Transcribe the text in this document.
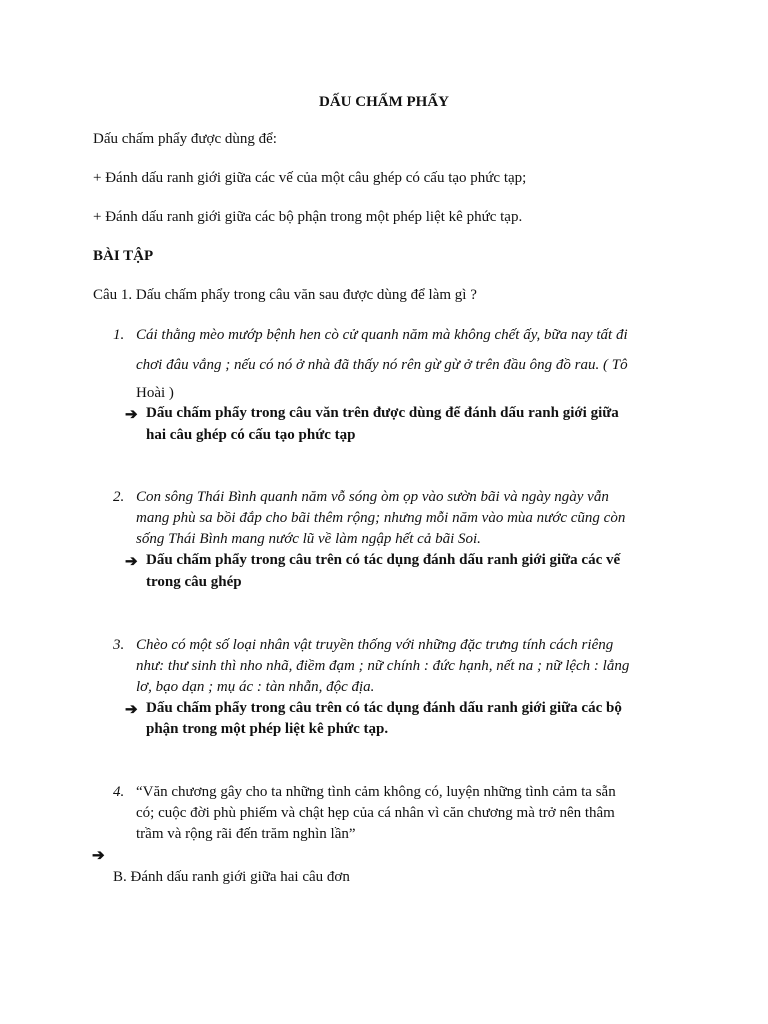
DẤU CHẤM PHẨY
Dấu chấm phẩy được dùng để:
+ Đánh dấu ranh giới giữa các vế của một câu ghép có cấu tạo phức tạp;
+ Đánh dấu ranh giới giữa các bộ phận trong một phép liệt kê phức tạp.
BÀI TẬP
Câu 1. Dấu chấm phẩy trong câu văn sau được dùng để làm gì ?
1. Cái thằng mèo mướp bệnh hen cò cử quanh năm mà không chết ấy, bữa nay tất đi
chơi đâu vắng ; nếu có nó ở nhà đã thấy nó rên gừ gừ ở trên đầu ông đồ rau. ( Tô
Hoài )
➔ Dấu chấm phẩy trong câu văn trên được dùng để đánh dấu ranh giới giữa
hai câu ghép có cấu tạo phức tạp
2. Con sông Thái Bình quanh năm vỗ sóng òm ọp vào sườn bãi và ngày ngày vẫn
mang phù sa bồi đắp cho bãi thêm rộng; nhưng mỗi năm vào mùa nước cũng còn
sống Thái Bình mang nước lũ về làm ngập hết cả bãi Soi.
➔ Dấu chấm phẩy trong câu trên có tác dụng đánh dấu ranh giới giữa các vế
trong câu ghép
3. Chèo có một số loại nhân vật truyền thống với những đặc trưng tính cách riêng
như: thư sinh thì nho nhã, điềm đạm ; nữ chính : đức hạnh, nết na ; nữ lệch : lẳng
lơ, bạo dạn ; mụ ác : tàn nhẫn, độc địa.
➔ Dấu chấm phẩy trong câu trên có tác dụng đánh dấu ranh giới giữa các bộ
phận trong một phép liệt kê phức tạp.
4. “Văn chương gây cho ta những tình cảm không có, luyện những tình cảm ta sẵn
có; cuộc đời phù phiếm và chật hẹp của cá nhân vì căn chương mà trở nên thâm
trầm và rộng rãi đến trăm nghìn lần”
➔
B. Đánh dấu ranh giới giữa hai câu đơn
